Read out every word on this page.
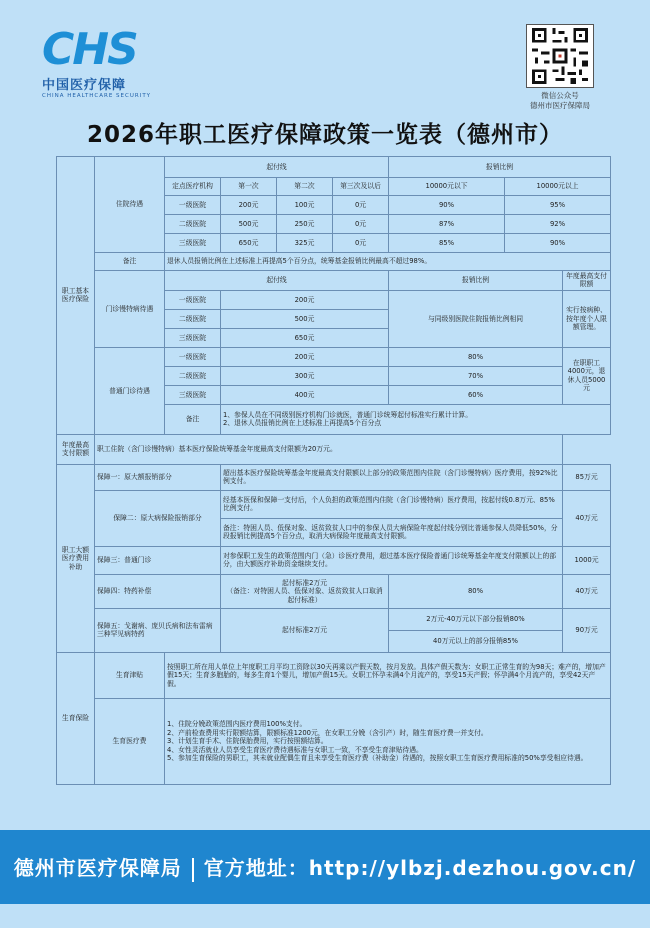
CHS
中国医疗保障
CHINA HEALTHCARE SECURITY	微信公众号
德州市医疗保障局
2026年职工医疗保障政策一览表（德州市）
职工基本医疗保险	住院待遇	起付线				报销比例		
		定点医疗机构	第一次	第二次	第三次及以后	10000元以下	10000元以上	
		一级医院	200元	100元	0元	90%	95%	
		二级医院	500元	250元	0元	87%	92%	
		三级医院	650元	325元	0元	85%	90%	
	备注	退休人员报销比例在上述标准上再提高5个百分点，统筹基金报销比例最高不超过98%。						
	门诊慢特病待遇	起付线				报销比例		年度最高支付限额
		一级医院	200元			与同级别医院住院报销比例相同		实行按病种、按年度个人限额管理。
		二级医院	500元					
		三级医院	650元					
	普通门诊待遇	一级医院	200元			80%		在职职工4000元，退休人员5000元
		二级医院	300元			70%		
		三级医院	400元			60%		
		备注	1、参保人员在不同级别医疗机构门诊就医，普通门诊统筹起付标准实行累计计算。
2、退休人员报销比例在上述标准上再提高5个百分点					

年度最高支付限额	职工住院（含门诊慢特病）基本医疗保险统筹基金年度最高支付限额为20万元。							
职工大额医疗费用补助	保障一：原大额报销部分		超出基本医疗保险统筹基金年度最高支付限额以上部分的政策范围内住院（含门诊慢特病）医疗费用，按92%比例支付。					85万元
	保障二：原大病保险报销部分		经基本医保和保障一支付后，个人负担的政策范围内住院（含门诊慢特病）医疗费用，按起付线0.8万元、85%比例支付。					40万元
			备注：特困人员、低保对象、返贫致贫人口中的参保人员大病保险年度起付线分别比普通参保人员降低50%，分段报销比例提高5个百分点，取消大病保险年度最高支付限额。					
	保障三：普通门诊		对参保职工发生的政策范围内门（急）诊医疗费用，超过基本医疗保险普通门诊统筹基金年度支付限额以上的部分，由大额医疗补助资金继续支付。					1000元
	保障四：特药补偿		起付标准2万元
（备注：对特困人员、低保对象、返贫致贫人口取消起付标准）			80%		40万元
	保障五：戈谢病、庞贝氏病和法布雷病三种罕见病特药		起付标准2万元			2万元-40万元以下部分报销80%		90万元
						40万元以上的部分报销85%		
生育保险	生育津贴	按照职工所在用人单位上年度职工月平均工资除以30天再乘以产假天数，按月发放。具体产假天数为：女职工正常生育的为98天；难产的，增加产假15天；生育多胞胎的，每多生育1个婴儿，增加产假15天。女职工怀孕未满4个月流产的，享受15天产假；怀孕满4个月流产的，享受42天产假。						
	生育医疗费	1、住院分娩政策范围内医疗费用100%支付。
2、产前检查费用实行限额结算，限额标准1200元，在女职工分娩（含引产）时，随生育医疗费一并支付。
3、计划生育手术、住院保胎费用，实行按照额结算。
4、女性灵活就业人员享受生育医疗费待遇标准与女职工一致，不享受生育津贴待遇。
5、参加生育保险的男职工，其未就业配偶生育且未享受生育医疗费（补助金）待遇的，按照女职工生育医疗费用标准的50%享受相应待遇。						
德州市医疗保障局 官方地址：http://ylbzj.dezhou.gov.cn/
